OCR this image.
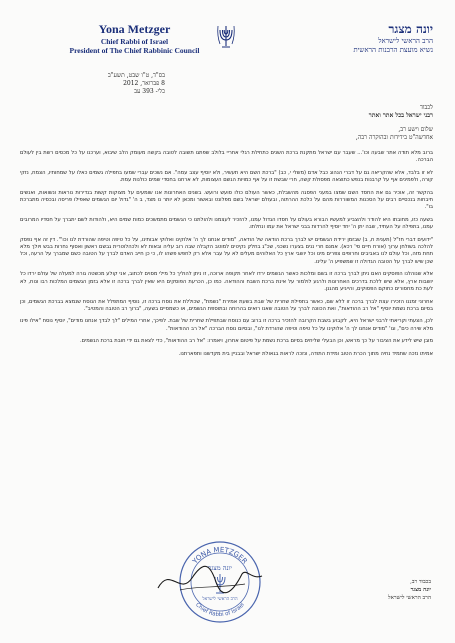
Yona Metzger
Chief Rabbi of Israel
President of The Chief Rabbinic Council
יונה מצגר
הרב הראשי לישראל
נשיא מועצת הרבנות הראשית
בס"ד, ט"ו שבט, תשע"ב
8 פברואר, 2012
כלי- 393 עב
לכבוד
רבני ישראל בכל אתר ואתר
שלום וישע רב,
אחדשה"ט בידידות ובהוקרה רבה,

ברוב מלא תודה אתר שבעה וכו'... שעבר עם ישראל מתקנת ברכת השנים כתחילת רגלי אחריי בלולב שפתגו תשובה לטובה בקשה מעומק הלב שיבוא, וערכנו על כל מכסים רשת בין לעולם הברכה.

לא זו בלבד, אלא שהקריאה גם על דברי הנהוג כבל אדם (משלי י, כב) "ברכת השם היא תעשיר, ולא יוסיף עצב עמה". אם נשכים עברי שמעו בתפילה גשמים כאלו על שמחותיו, הצמח, נזקי קורה, ולפמינים אף על קרבנות בנפש כתוצאה מפסולת קשה, חרי שבשת זו על אף כמויות הגשם העצומות, לא ארחנו בחסדי שמים כולנות עמת.

בהקשר זה, אוכיר גם את החסד השם שמצו במעני הפסגה מהשבלת, כאשר העולם כולו סועש ורועש. בשנים האחרונות אנו שומעים על מצוקות קשות בנדירות נוראות ונשואות, ואנשים חיבחות בנכסיים רבים על הסכנות המשוררות מהם על כלכת ההרתוה, ובעולם ישראל בשם מפלונט ובאשור ומכאן לא יותר נו מצד, ב ה' "גדול יום הגשמים שאפילו פריסה ובכסיה מתברכת בו".

בשעה כזו, מחובתו היא להודר ולהצביע למעשיו הבורא בעולם על חסדו הגדול עמנו, להזכיר לעצמנו ולהולתנו כי הגשמים מתמשכים כמות שמים היא, ולהודות לשם יתברך על חסדיו המרובים עמנו, בתפילה על העתיד, שבה יתן ה' יחד יוסיף להרדות בבני ישראל את עמו ונחלתו.

"ידועים דברי חז"ל (תענית ח, ב) שבזמן ירידת הגשמים יש לברך ברכת הודאה של הודאה, "מודים אנחנו לך ה' אלוקינו ואלוקי אבותינו, על כל טיפה וטיפה שהורדת לנו וכו'". דין זה אף נפסק להלכה בשולחן ערוך (אורח חיים סי' רכא). אמנם חרי ננים בצערו נשכני, שכ"ג בחלק נקיטים למוטב הקבלה שבה רוב עליה ובאות לא ולכהלוטרית גבשם ראשון ואסוף נחרות בבש ויולך מלא תחת מזה, וכל עולם לנו באביבים וחרופים צפרים מינו וכל יושבי ארץ כל האלוהים מעלים לא על עבר אלא רק לחפש פשהו לו, כי כן חייב האדם לברך על הטובה כשם שמברך על הרעה, וכל שכן שיש לברך על הטובה הגדולה זו שמשפיע ה' עלינו.

אלא שנוהלנו הפוסקים האם ניתן לברך ברכה זו בשם ומלכות כאשר הגשמים ירדו לאחר תקופה ארוכה, זו ניתן להוליך כל מילי מסוים לכתוב, אני קולע מכשטה גורה למעלה של עולם ירדו כל יושבות ארץ, אלא שיש ללכת בדרכים האחרונות ולרגע לולמור על אינת ברכת השבח וההודאה. כמו כן, הכרעת הפוסקים היא שאין לברך ברכה זו אלא בזמן הגשמים המלכות רבו ונוח, לא לעת כת מחסורים כחוקם הפסוקים, והייגיע מהגנן.

אחרוני זמננו הזכירו עצת לברך ברכה זו ללא שם, כאשר בתפילת שחרית של שבת בשעת אמירת "נשמת", שכוללת את נוסח ברכה זו, נוסיף המתפלל את הנוסח שנמצא בברכת הגשמים, וכן בסיום ברכת נשמת יוסיף "אל רב ההודאות", ואת הכוונה לברך על הטובה שאנו רואים בהרוחה ובתוספת הגשמים, או כשמסיים בשעה, "ברוך רב הטובה והמטיב".

לכן, הצעתי וקריאתי לרבני ישראל היא, לקבוע בשבת הקרובה להזכיר ברכה זו ברוב עם כנוסח שבתפילת שחרית של שבת. לפיכך, אחרי המילים "לך לבדך אנחנו מודים", יוסיף נוסח "אילו פינו מלא שירה כים", וגו' "מודים אנחנו לך ה' אלוקינו על כל טיפה וטיפה שהורדת לנו", ובסיום נוסח הברכה "אל רב ההודאות".

מובן שיש לידע את הציבור על כך מראש, וכן הבעלי שליחים בסיום ברכת נשמת על פיטום אחרון, ויאמרו: "אל רב ההודאות", כדי לצאת גם ידי חובת ברכת הגשמים.

אמיתו נזכה שתמיד נחיה מתוך הכרת הטוב ומידת התודה, ונזכה לראות בגאולת ישראל ובבניין בית מקדשנו ותפארתנו.

YONA METZGER
Chief Rabbi of Israel
יונה מצגר
הרב הראשי לישראל
בכבוד רב,
יונה מצגר
הרב הראשי לישראל
